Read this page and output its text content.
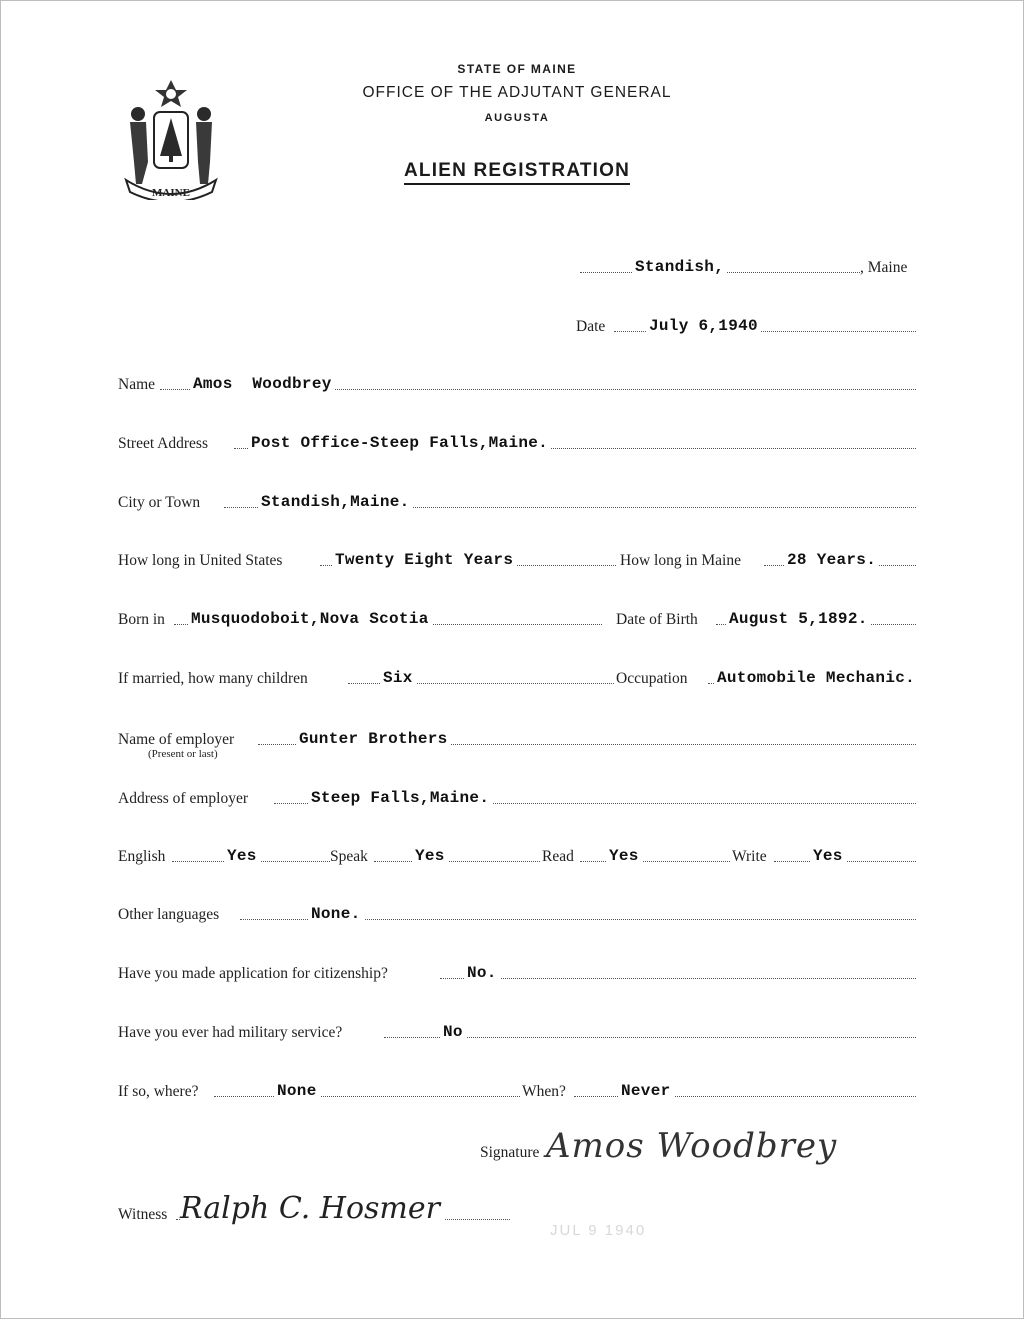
STATE OF MAINE
OFFICE OF THE ADJUTANT GENERAL
AUGUSTA
ALIEN REGISTRATION
MAINE
Standish,	, Maine
Date	July 6,1940
Name Amos  Woodbrey
Street Address	Post Office-Steep Falls,Maine.
City or Town	Standish,Maine.
How long in United States	Twenty Eight Years	How long in Maine	28 Years.
Born in Musquodoboit,Nova Scotia	Date of Birth August 5,1892.
If married, how many children	Six	Occupation Automobile Mechanic.
Name of employer	Gunter Brothers
(Present or last)
Address of employer	Steep Falls,Maine.
English	Yes	Speak	Yes	Read Yes	Write	Yes
Other languages	None.
Have you made application for citizenship?	No.
Have you ever had military service?	No
If so, where?	None	When?	Never
Signature Amos Woodbrey
Witness Ralph C. Hosmer
JUL 9 1940
